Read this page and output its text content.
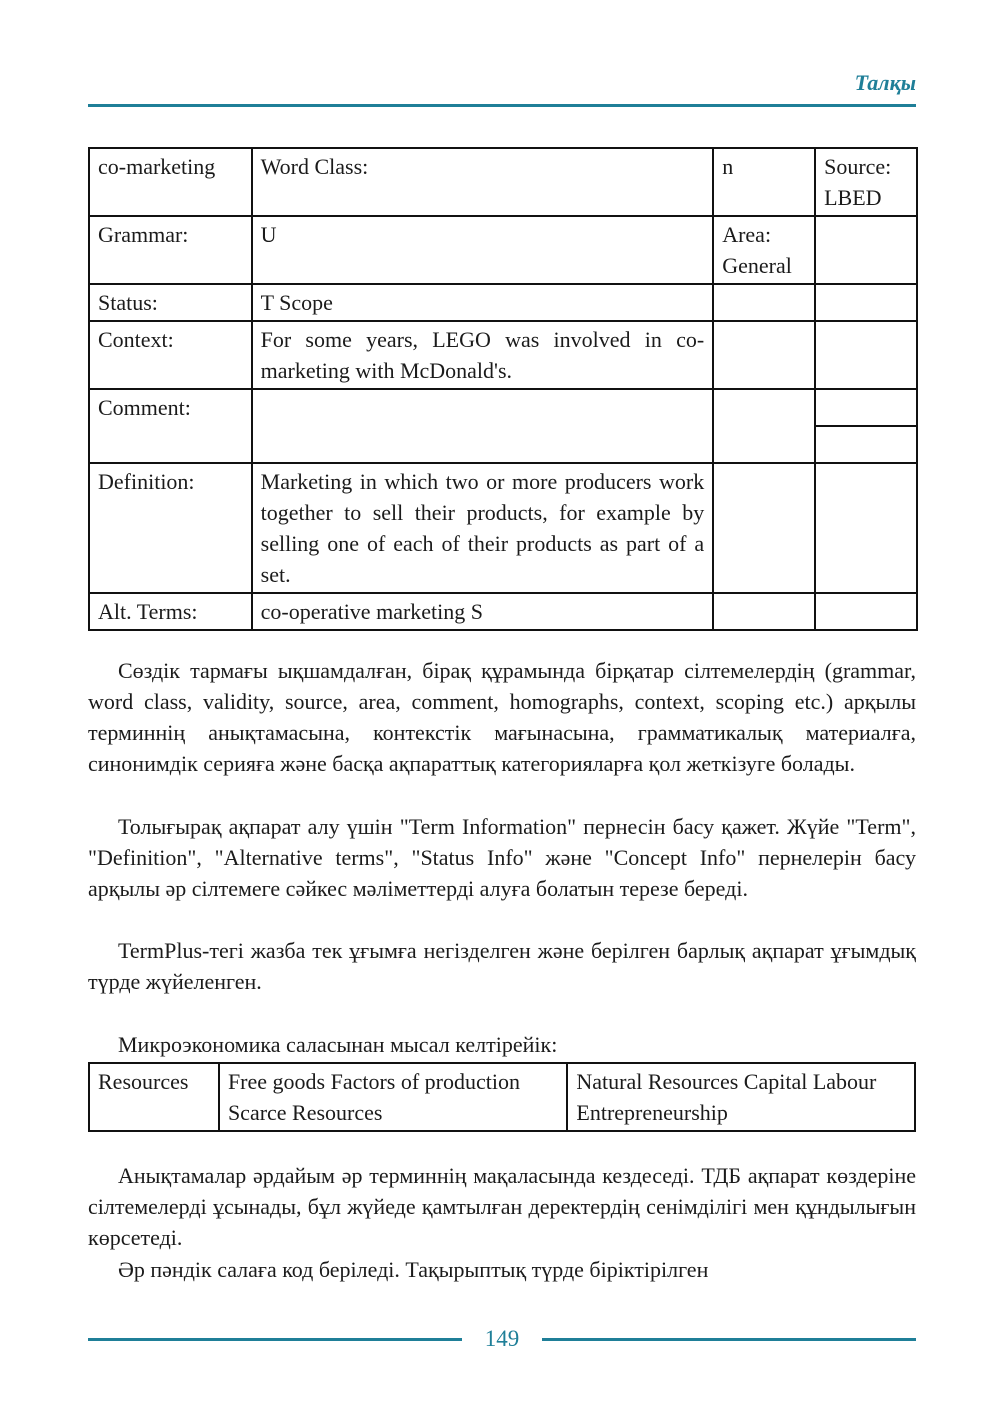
Талқы
co-marketing	Word Class:	n	Source: LBED
Grammar:	U	Area: General	
Status:	T Scope		
Context:	For some years, LEGO was involved in co-marketing with McDonald's.		
Comment:			

Definition:	Marketing in which two or more producers work together to sell their products, for example by selling one of each of their products as part of a set.		
Alt. Terms:	co-operative marketing S		

Сөздік тармағы ықшамдалған, бірақ құрамында бірқатар сілтемелердің (grammar, word class, validity, source, area, comment, homographs, context, scoping etc.) арқылы терминнің анықтамасына, контекстік мағынасына, грамматикалық материалға, синонимдік серияға және басқа ақпараттық категорияларға қол жеткізуге болады.

Толығырақ ақпарат алу үшін "Term Information" пернесін басу қажет. Жүйе "Term", "Definition", "Alternative terms", "Status Info" және "Concept Info" пернелерін басу арқылы әр сілтемеге сәйкес мәліметтерді алуға болатын терезе береді.

TermPlus-тегі жазба тек ұғымға негізделген және берілген барлық ақпарат ұғымдық түрде жүйеленген.

Микроэкономика саласынан мысал келтірейік:

Resources	Free goods Factors of production Scarce Resources	Natural Resources Capital Labour Entrepreneurship

Анықтамалар әрдайым әр терминнің мақаласында кездеседі. ТДБ ақпарат көздеріне сілтемелерді ұсынады, бұл жүйеде қамтылған деректердің сенімділігі мен құндылығын көрсетеді.

Әр пәндік салаға код беріледі. Тақырыптық түрде біріктірілген

149
